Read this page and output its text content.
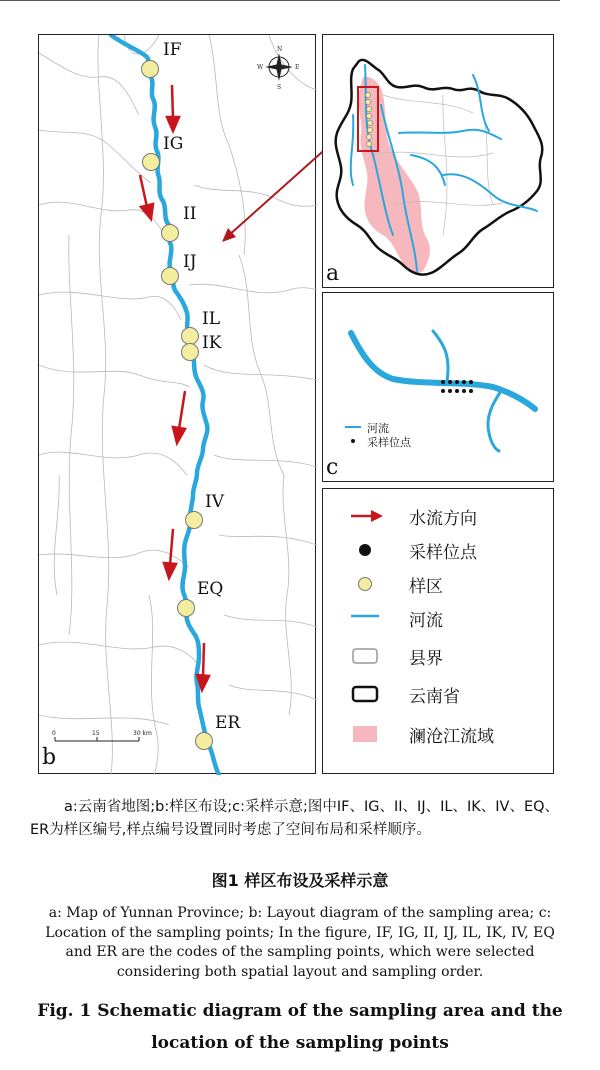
N
S
W	E
IF
IG
II
IJ
IL
IK
IV
EQ
ER
0	15	30 km
b
a
河流
采样位点
c
水流方向
采样位点
样区
河流
县界
云南省
澜沧江流域
a:云南省地图;b:样区布设;c:采样示意;图中IF、IG、II、IJ、IL、IK、IV、EQ、ER为样区编号,样点编号设置同时考虑了空间布局和采样顺序。
图1 样区布设及采样示意
a: Map of Yunnan Province; b: Layout diagram of the sampling area; c: Location of the sampling points; In the figure, IF, IG, II, IJ, IL, IK, IV, EQ and ER are the codes of the sampling points, which were selected considering both spatial layout and sampling order.
Fig. 1 Schematic diagram of the sampling area and the location of the sampling points
